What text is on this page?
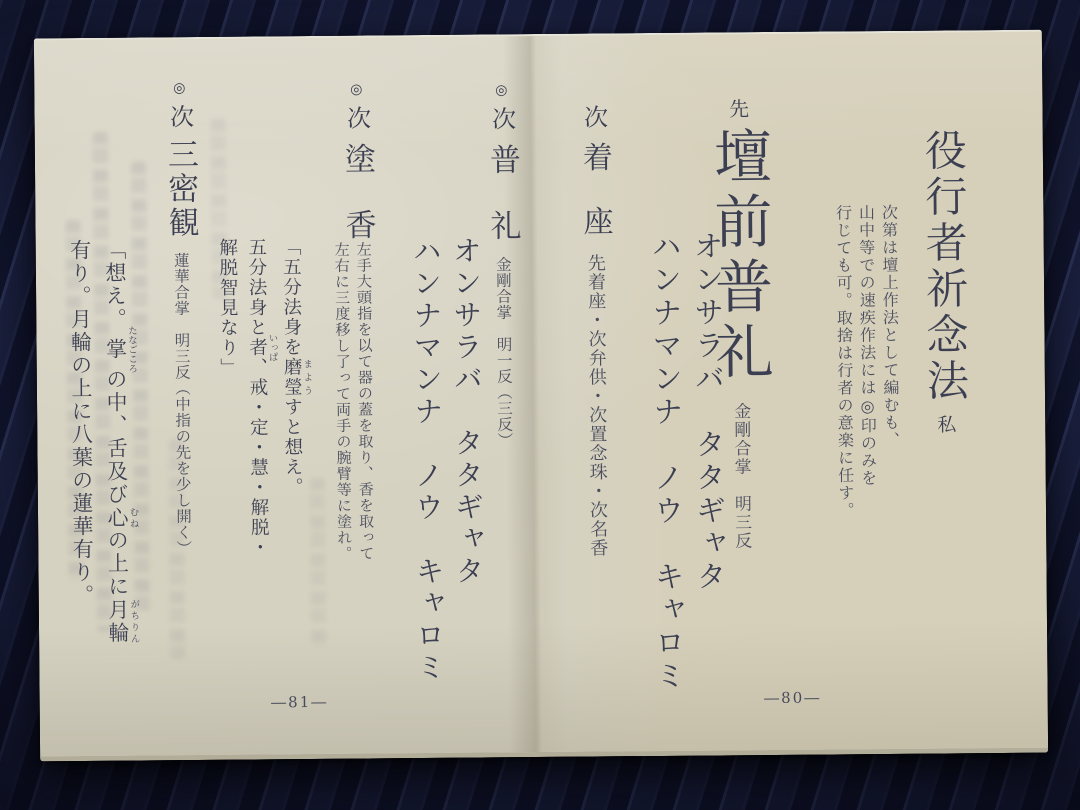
役行者祈念法私
次第は壇上作法として編むも、
山中等での速疾作法には◎印のみを
行じても可。取捨は行者の意楽に任す。
先壇前普礼金剛合掌　明三反
オンサラバ　タタギャタ
ハンナマンナ　ノウ　キャロミ
次着　座先着座・次弁供・次置念珠・次名香
―80―
◎次普　礼金剛合掌　明一反（三反）
オンサラバ　タタギャタ
ハンナマンナ　ノウ　キャロミ
◎次塗　香
左手大頭指を以て器の蓋を取り、香を取って
左右に三度移し了って両手の腕臂等に塗れ。
「五分法身を磨瑩まようすと想え。
五分法身と者いっぱ、戒・定・慧・解脱・
解脱智見なり」
◎次三密観蓮華合掌　明三反（中指の先を少し開く）
「想え。掌たなごころの中、舌及び心むねの上に月輪がちりん
有り。月輪の上に八葉の蓮華有り。
―81―
